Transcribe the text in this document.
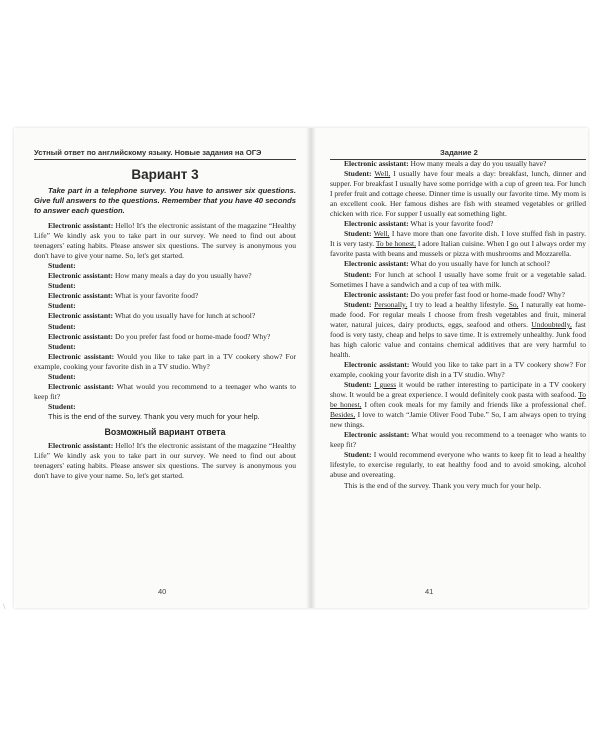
Устный ответ по английскому языку. Новые задания на ОГЭ
Вариант 3

Take part in a telephone survey. You have to answer six questions. Give full answers to the questions. Remember that you have 40 seconds to answer each question.

Electronic assistant: Hello! It's the electronic assistant of the magazine “Healthy Life” We kindly ask you to take part in our survey. We need to find out about teenagers' eating habits. Please answer six questions. The survey is anonymous you don't have to give your name. So, let's get started.

Student:

Electronic assistant: How many meals a day do you usually have?

Student:

Electronic assistant: What is your favorite food?

Student:

Electronic assistant: What do you usually have for lunch at school?

Student:

Electronic assistant: Do you prefer fast food or home-made food? Why?

Student:

Electronic assistant: Would you like to take part in a TV cookery show? For example, cooking your favorite dish in a TV studio. Why?

Student:

Electronic assistant: What would you recommend to a teenager who wants to keep fit?

Student:

This is the end of the survey. Thank you very much for your help.

Возможный вариант ответа

Electronic assistant: Hello! It's the electronic assistant of the magazine “Healthy Life” We kindly ask you to take part in our survey. We need to find out about teenagers' eating habits. Please answer six questions. The survey is anonymous you don't have to give your name. So, let's get started.

40
Задание 2

Electronic assistant: How many meals a day do you usually have?

Student: Well, I usually have four meals a day: breakfast, lunch, dinner and supper. For breakfast I usually have some porridge with a cup of green tea. For lunch I prefer fruit and cottage cheese. Dinner time is usually our favorite time. My mom is an excellent cook. Her famous dishes are fish with steamed vegetables or grilled chicken with rice. For supper I usually eat something light.

Electronic assistant: What is your favorite food?

Student: Well, I have more than one favorite dish. I love stuffed fish in pastry. It is very tasty. To be honest, I adore Italian cuisine. When I go out I always order my favorite pasta with beans and mussels or pizza with mushrooms and Mozzarella.

Electronic assistant: What do you usually have for lunch at school?

Student: For lunch at school I usually have some fruit or a vegetable salad. Sometimes I have a sandwich and a cup of tea with milk.

Electronic assistant: Do you prefer fast food or home-made food? Why?

Student: Personally, I try to lead a healthy lifestyle. So, I naturally eat home-made food. For regular meals I choose from fresh vegetables and fruit, mineral water, natural juices, dairy products, eggs, seafood and others. Undoubtedly, fast food is very tasty, cheap and helps to save time. It is extremely unhealthy. Junk food has high caloric value and contains chemical additives that are very harmful to health.

Electronic assistant: Would you like to take part in a TV cookery show? For example, cooking your favorite dish in a TV studio. Why?

Student: I guess it would be rather interesting to participate in a TV cookery show. It would be a great experience. I would definitely cook pasta with seafood. To be honest, I often cook meals for my family and friends like a professional chef. Besides, I love to watch “Jamie Oliver Food Tube.” So, I am always open to trying new things.

Electronic assistant: What would you recommend to a teenager who wants to keep fit?

Student: I would recommend everyone who wants to keep fit to lead a healthy lifestyle, to exercise regularly, to eat healthy food and to avoid smoking, alcohol abuse and overeating.

This is the end of the survey. Thank you very much for your help.

41
\
